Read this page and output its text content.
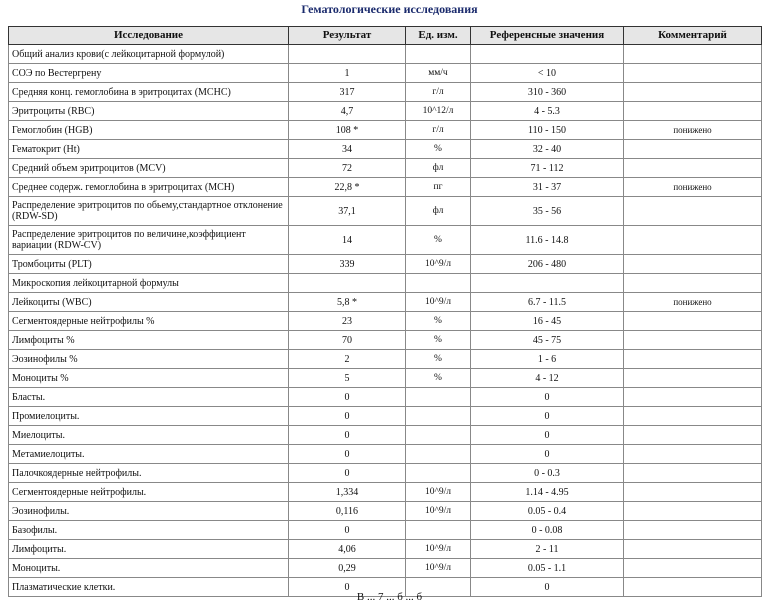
Гематологические исследования
Исследование	Результат	Ед. изм.	Референсные значения	Комментарий
Общий анализ крови(с лейкоцитарной формулой)				
СОЭ по Вестергрену	1	мм/ч	< 10	
Средняя конц. гемоглобина в эритроцитах (MCHC)	317	г/л	310 - 360	
Эритроциты (RBC)	4,7	10^12/л	4 - 5.3	
Гемоглобин (HGB)	108 *	г/л	110 - 150	понижено
Гематокрит (Ht)	34	%	32 - 40	
Средний объем эритроцитов (MCV)	72	фл	71 - 112	
Среднее содерж. гемоглобина в эритроцитах (MCH)	22,8 *	пг	31 - 37	понижено
Распределение эритроцитов по обьему,стандартное отклонение (RDW-SD)	37,1	фл	35 - 56	
Распределение эритроцитов по величине,коэффициент вариации (RDW-CV)	14	%	11.6 - 14.8	
Тромбоциты (PLT)	339	10^9/л	206 - 480	
Микроскопия лейкоцитарной формулы				
Лейкоциты (WBC)	5,8 *	10^9/л	6.7 - 11.5	понижено
Сегментоядерные нейтрофилы %	23	%	16 - 45	
Лимфоциты %	70	%	45 - 75	
Эозинофилы %	2	%	1 - 6	
Моноциты %	5	%	4 - 12	
Бласты.	0		0	
Промиелоциты.	0		0	
Миелоциты.	0		0	
Метамиелоциты.	0		0	
Палочкоядерные нейтрофилы.	0		0 - 0.3	
Сегментоядерные нейтрофилы.	1,334	10^9/л	1.14 - 4.95	
Эозинофилы.	0,116	10^9/л	0.05 - 0.4	
Базофилы.	0		0 - 0.08	
Лимфоциты.	4,06	10^9/л	2 - 11	
Моноциты.	0,29	10^9/л	0.05 - 1.1	
Плазматические клетки.	0		0	
В ... 7 ... б ... б
